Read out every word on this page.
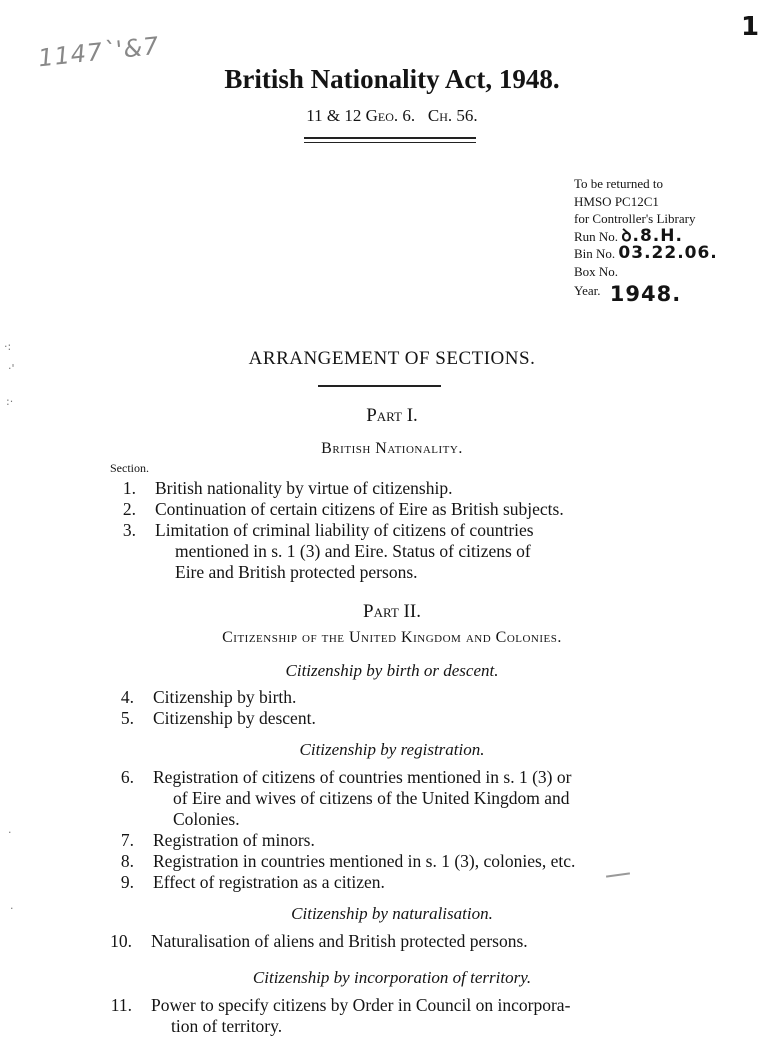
1
1147`'&7
·:
·'
:·
·
·
British Nationality Act, 1948.
11 & 12 Geo. 6. Ch. 56.
To be returned to
HMSO PC12C1
for Controller's Library
Run No. ꝺ.8.H.
Bin No. 03.22.06.
Box No.
Year. 1948.
ARRANGEMENT OF SECTIONS.
Part I.
British Nationality.
Section.
1. British nationality by virtue of citizenship.
2. Continuation of certain citizens of Eire as British subjects.
3. Limitation of criminal liability of citizens of countries
mentioned in s. 1 (3) and Eire. Status of citizens of
Eire and British protected persons.
Part II.
Citizenship of the United Kingdom and Colonies.
Citizenship by birth or descent.
4. Citizenship by birth.
5. Citizenship by descent.
Citizenship by registration.
6. Registration of citizens of countries mentioned in s. 1 (3) or
of Eire and wives of citizens of the United Kingdom and
Colonies.
7. Registration of minors.
8. Registration in countries mentioned in s. 1 (3), colonies, etc.
9. Effect of registration as a citizen.
Citizenship by naturalisation.
10. Naturalisation of aliens and British protected persons.
Citizenship by incorporation of territory.
11. Power to specify citizens by Order in Council on incorpora-
tion of territory.
